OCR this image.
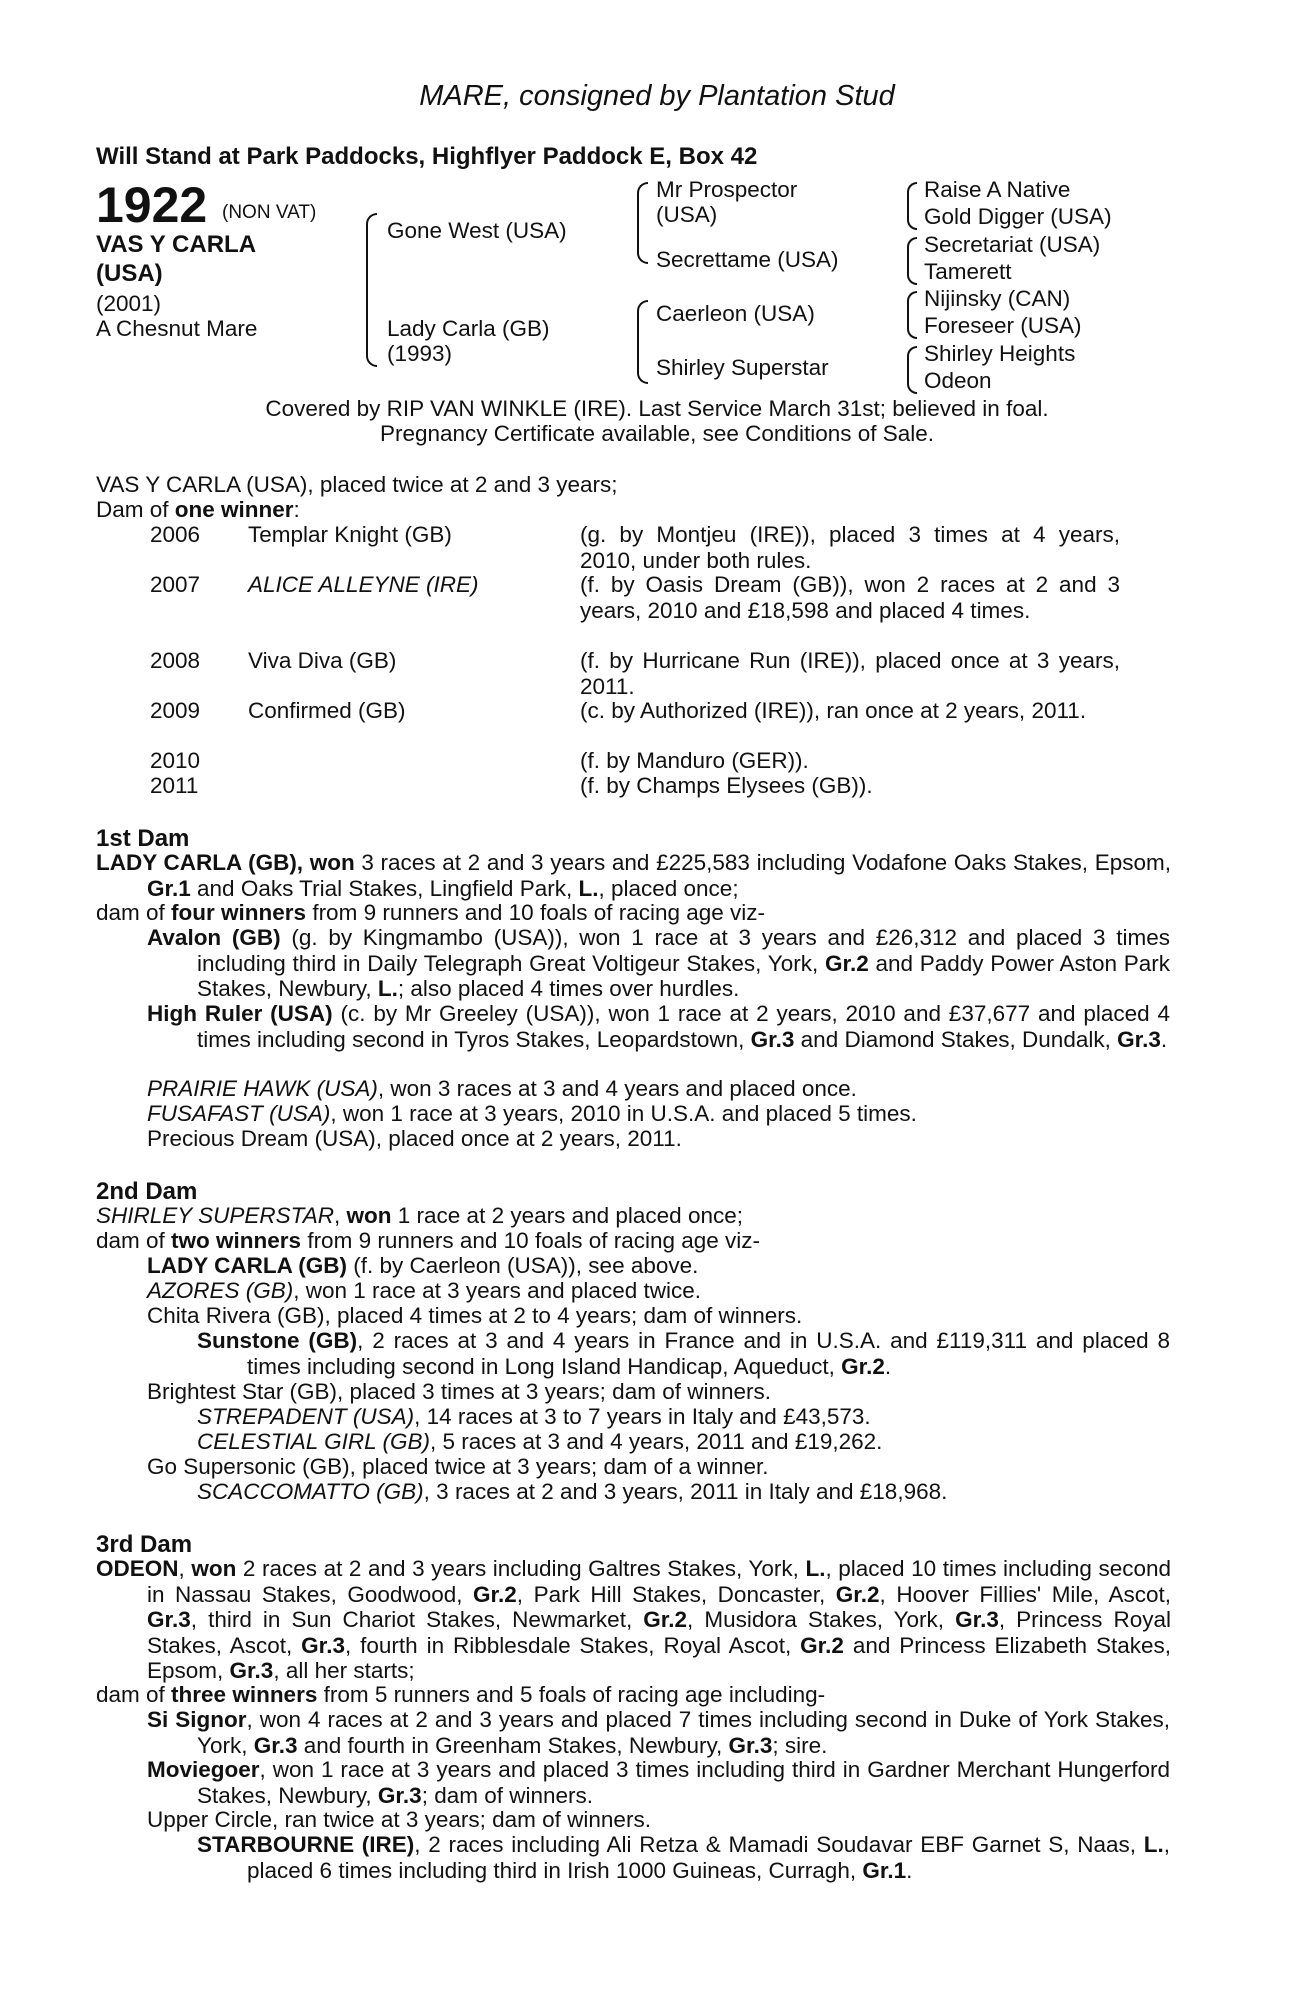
MARE, consigned by Plantation Stud
Will Stand at Park Paddocks, Highflyer Paddock E, Box 42
1922 (NON VAT)
VAS Y CARLA
(USA)
(2001)
A Chesnut Mare
Gone West (USA)
Lady Carla (GB)
(1993)
Mr Prospector
(USA)
Secrettame (USA)
Caerleon (USA)
Shirley Superstar
Raise A Native
Gold Digger (USA)
Secretariat (USA)
Tamerett
Nijinsky (CAN)
Foreseer (USA)
Shirley Heights
Odeon
Covered by RIP VAN WINKLE (IRE). Last Service March 31st; believed in foal.
Pregnancy Certificate available, see Conditions of Sale.
VAS Y CARLA (USA), placed twice at 2 and 3 years;
Dam of one winner:
2006 Templar Knight (GB)	(g. by Montjeu (IRE)), placed 3 times at 4 years, 2010, under both rules.
2007 ALICE ALLEYNE (IRE)	(f. by Oasis Dream (GB)), won 2 races at 2 and 3 years, 2010 and £18,598 and placed 4 times.
2008 Viva Diva (GB)	(f. by Hurricane Run (IRE)), placed once at 3 years, 2011.
2009 Confirmed (GB)	(c. by Authorized (IRE)), ran once at 2 years, 2011.
2010	(f. by Manduro (GER)).
2011	(f. by Champs Elysees (GB)).
1st Dam
LADY CARLA (GB), won 3 races at 2 and 3 years and £225,583 including Vodafone Oaks Stakes, Epsom, Gr.1 and Oaks Trial Stakes, Lingfield Park, L., placed once;
dam of four winners from 9 runners and 10 foals of racing age viz-
Avalon (GB) (g. by Kingmambo (USA)), won 1 race at 3 years and £26,312 and placed 3 times including third in Daily Telegraph Great Voltigeur Stakes, York, Gr.2 and Paddy Power Aston Park Stakes, Newbury, L.; also placed 4 times over hurdles.
High Ruler (USA) (c. by Mr Greeley (USA)), won 1 race at 2 years, 2010 and £37,677 and placed 4 times including second in Tyros Stakes, Leopardstown, Gr.3 and Diamond Stakes, Dundalk, Gr.3.
PRAIRIE HAWK (USA), won 3 races at 3 and 4 years and placed once.
FUSAFAST (USA), won 1 race at 3 years, 2010 in U.S.A. and placed 5 times.
Precious Dream (USA), placed once at 2 years, 2011.
2nd Dam
SHIRLEY SUPERSTAR, won 1 race at 2 years and placed once;
dam of two winners from 9 runners and 10 foals of racing age viz-
LADY CARLA (GB) (f. by Caerleon (USA)), see above.
AZORES (GB), won 1 race at 3 years and placed twice.
Chita Rivera (GB), placed 4 times at 2 to 4 years; dam of winners.
Sunstone (GB), 2 races at 3 and 4 years in France and in U.S.A. and £119,311 and placed 8 times including second in Long Island Handicap, Aqueduct, Gr.2.
Brightest Star (GB), placed 3 times at 3 years; dam of winners.
STREPADENT (USA), 14 races at 3 to 7 years in Italy and £43,573.
CELESTIAL GIRL (GB), 5 races at 3 and 4 years, 2011 and £19,262.
Go Supersonic (GB), placed twice at 3 years; dam of a winner.
SCACCOMATTO (GB), 3 races at 2 and 3 years, 2011 in Italy and £18,968.
3rd Dam
ODEON, won 2 races at 2 and 3 years including Galtres Stakes, York, L., placed 10 times including second in Nassau Stakes, Goodwood, Gr.2, Park Hill Stakes, Doncaster, Gr.2, Hoover Fillies' Mile, Ascot, Gr.3, third in Sun Chariot Stakes, Newmarket, Gr.2, Musidora Stakes, York, Gr.3, Princess Royal Stakes, Ascot, Gr.3, fourth in Ribblesdale Stakes, Royal Ascot, Gr.2 and Princess Elizabeth Stakes, Epsom, Gr.3, all her starts;
dam of three winners from 5 runners and 5 foals of racing age including-
Si Signor, won 4 races at 2 and 3 years and placed 7 times including second in Duke of York Stakes, York, Gr.3 and fourth in Greenham Stakes, Newbury, Gr.3; sire.
Moviegoer, won 1 race at 3 years and placed 3 times including third in Gardner Merchant Hungerford Stakes, Newbury, Gr.3; dam of winners.
Upper Circle, ran twice at 3 years; dam of winners.
STARBOURNE (IRE), 2 races including Ali Retza & Mamadi Soudavar EBF Garnet S, Naas, L., placed 6 times including third in Irish 1000 Guineas, Curragh, Gr.1.
